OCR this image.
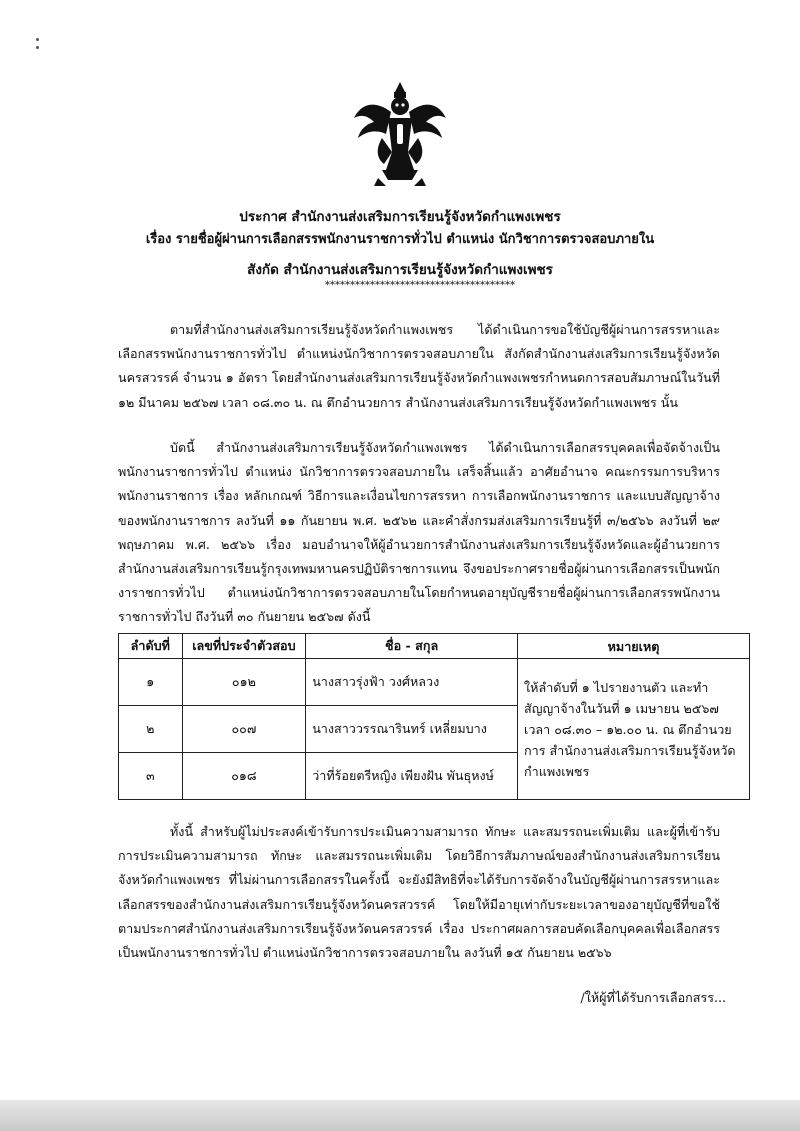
ประกาศ สำนักงานส่งเสริมการเรียนรู้จังหวัดกำแพงเพชร
เรื่อง รายชื่อผู้ผ่านการเลือกสรรพนักงานราชการทั่วไป ตำแหน่ง นักวิชาการตรวจสอบภายใน
สังกัด สำนักงานส่งเสริมการเรียนรู้จังหวัดกำแพงเพชร
**************************************
ตามที่สำนักงานส่งเสริมการเรียนรู้จังหวัดกำแพงเพชร ได้ดำเนินการขอใช้บัญชีผู้ผ่านการสรรหาและเลือกสรรพนักงานราชการทั่วไป ตำแหน่งนักวิชาการตรวจสอบภายใน สังกัดสำนักงานส่งเสริมการเรียนรู้จังหวัดนครสวรรค์ จำนวน ๑ อัตรา โดยสำนักงานส่งเสริมการเรียนรู้จังหวัดกำแพงเพชรกำหนดการสอบสัมภาษณ์ในวันที่ ๑๒ มีนาคม ๒๕๖๗ เวลา ๐๘.๓๐ น. ณ ตึกอำนวยการ สำนักงานส่งเสริมการเรียนรู้จังหวัดกำแพงเพชร นั้น
บัดนี้ สำนักงานส่งเสริมการเรียนรู้จังหวัดกำแพงเพชร ได้ดำเนินการเลือกสรรบุคคลเพื่อจัดจ้างเป็นพนักงานราชการทั่วไป ตำแหน่ง นักวิชาการตรวจสอบภายใน เสร็จสิ้นแล้ว อาศัยอำนาจ คณะกรรมการบริหารพนักงานราชการ เรื่อง หลักเกณฑ์ วิธีการและเงื่อนไขการสรรหา การเลือกพนักงานราชการ และแบบสัญญาจ้างของพนักงานราชการ ลงวันที่ ๑๑ กันยายน พ.ศ. ๒๕๖๒ และคำสั่งกรมส่งเสริมการเรียนรู้ที่ ๓/๒๕๖๖ ลงวันที่ ๒๙ พฤษภาคม พ.ศ. ๒๕๖๖ เรื่อง มอบอำนาจให้ผู้อำนวยการสำนักงานส่งเสริมการเรียนรู้จังหวัดและผู้อำนวยการสำนักงานส่งเสริมการเรียนรู้กรุงเทพมหานครปฏิบัติราชการแทน จึงขอประกาศรายชื่อผู้ผ่านการเลือกสรรเป็นพนักงาราชการทั่วไป ตำแหน่งนักวิชาการตรวจสอบภายในโดยกำหนดอายุบัญชีรายชื่อผู้ผ่านการเลือกสรรพนักงานราชการทั่วไป ถึงวันที่ ๓๐ กันยายน ๒๕๖๗ ดังนี้
ลำดับที่	เลขที่ประจำตัวสอบ	ชื่อ - สกุล	หมายเหตุ
๑	๐๑๒	นางสาวรุ่งฟ้า วงศ์หลวง	ให้ลำดับที่ ๑ ไปรายงานตัว และทำสัญญาจ้างในวันที่ ๑ เมษายน ๒๕๖๗ เวลา ๐๘.๓๐ – ๑๒.๐๐ น. ณ ตึกอำนวยการ สำนักงานส่งเสริมการเรียนรู้จังหวัดกำแพงเพชร
๒	๐๐๗	นางสาววรรณารินทร์ เหลี่ยมบาง	
๓	๐๑๘	ว่าที่ร้อยตรีหญิง เพียงฝัน พันธุหงษ์	
ทั้งนี้ สำหรับผู้ไม่ประสงค์เข้ารับการประเมินความสามารถ ทักษะ และสมรรถนะเพิ่มเติม และผู้ที่เข้ารับการประเมินความสามารถ ทักษะ และสมรรถนะเพิ่มเติม โดยวิธีการสัมภาษณ์ของสำนักงานส่งเสริมการเรียนจังหวัดกำแพงเพชร ที่ไม่ผ่านการเลือกสรรในครั้งนี้ จะยังมีสิทธิที่จะได้รับการจัดจ้างในบัญชีผู้ผ่านการสรรหาและเลือกสรรของสำนักงานส่งเสริมการเรียนรู้จังหวัดนครสวรรค์ โดยให้มีอายุเท่ากับระยะเวลาของอายุบัญชีที่ขอใช้ ตามประกาศสำนักงานส่งเสริมการเรียนรู้จังหวัดนครสวรรค์ เรื่อง ประกาศผลการสอบคัดเลือกบุคคลเพื่อเลือกสรรเป็นพนักงานราชการทั่วไป ตำแหน่งนักวิชาการตรวจสอบภายใน ลงวันที่ ๑๕ กันยายน ๒๕๖๖
/ให้ผู้ที่ได้รับการเลือกสรร...
